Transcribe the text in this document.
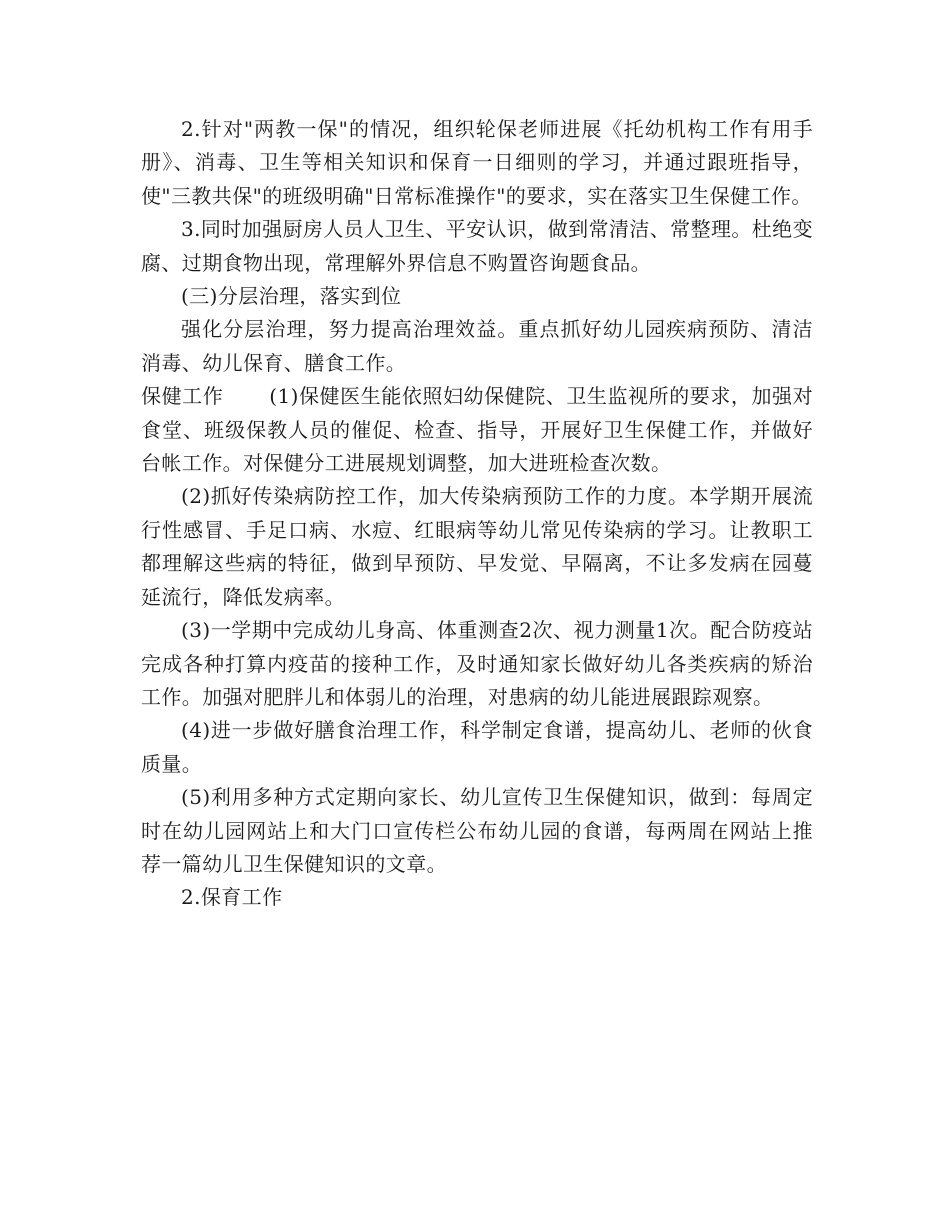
2.针对"两教一保"的情况，组织轮保老师进展《托幼机构工作有用手册》、消毒、卫生等相关知识和保育一日细则的学习，并通过跟班指导，使"三教共保"的班级明确"日常标准操作"的要求，实在落实卫生保健工作。

3.同时加强厨房人员人卫生、平安认识，做到常清洁、常整理。杜绝变腐、过期食物出现，常理解外界信息不购置咨询题食品。

(三)分层治理，落实到位

强化分层治理，努力提高治理效益。重点抓好幼儿园疾病预防、清洁消毒、幼儿保育、膳食工作。

保健工作 (1)保健医生能依照妇幼保健院、卫生监视所的要求，加强对食堂、班级保教人员的催促、检查、指导，开展好卫生保健工作，并做好台帐工作。对保健分工进展规划调整，加大进班检查次数。

(2)抓好传染病防控工作，加大传染病预防工作的力度。本学期开展流行性感冒、手足口病、水痘、红眼病等幼儿常见传染病的学习。让教职工都理解这些病的特征，做到早预防、早发觉、早隔离，不让多发病在园蔓延流行，降低发病率。

(3)一学期中完成幼儿身高、体重测查2次、视力测量1次。配合防疫站完成各种打算内疫苗的接种工作，及时通知家长做好幼儿各类疾病的矫治工作。加强对肥胖儿和体弱儿的治理，对患病的幼儿能进展跟踪观察。

(4)进一步做好膳食治理工作，科学制定食谱，提高幼儿、老师的伙食质量。

(5)利用多种方式定期向家长、幼儿宣传卫生保健知识，做到：每周定时在幼儿园网站上和大门口宣传栏公布幼儿园的食谱，每两周在网站上推荐一篇幼儿卫生保健知识的文章。

2.保育工作
